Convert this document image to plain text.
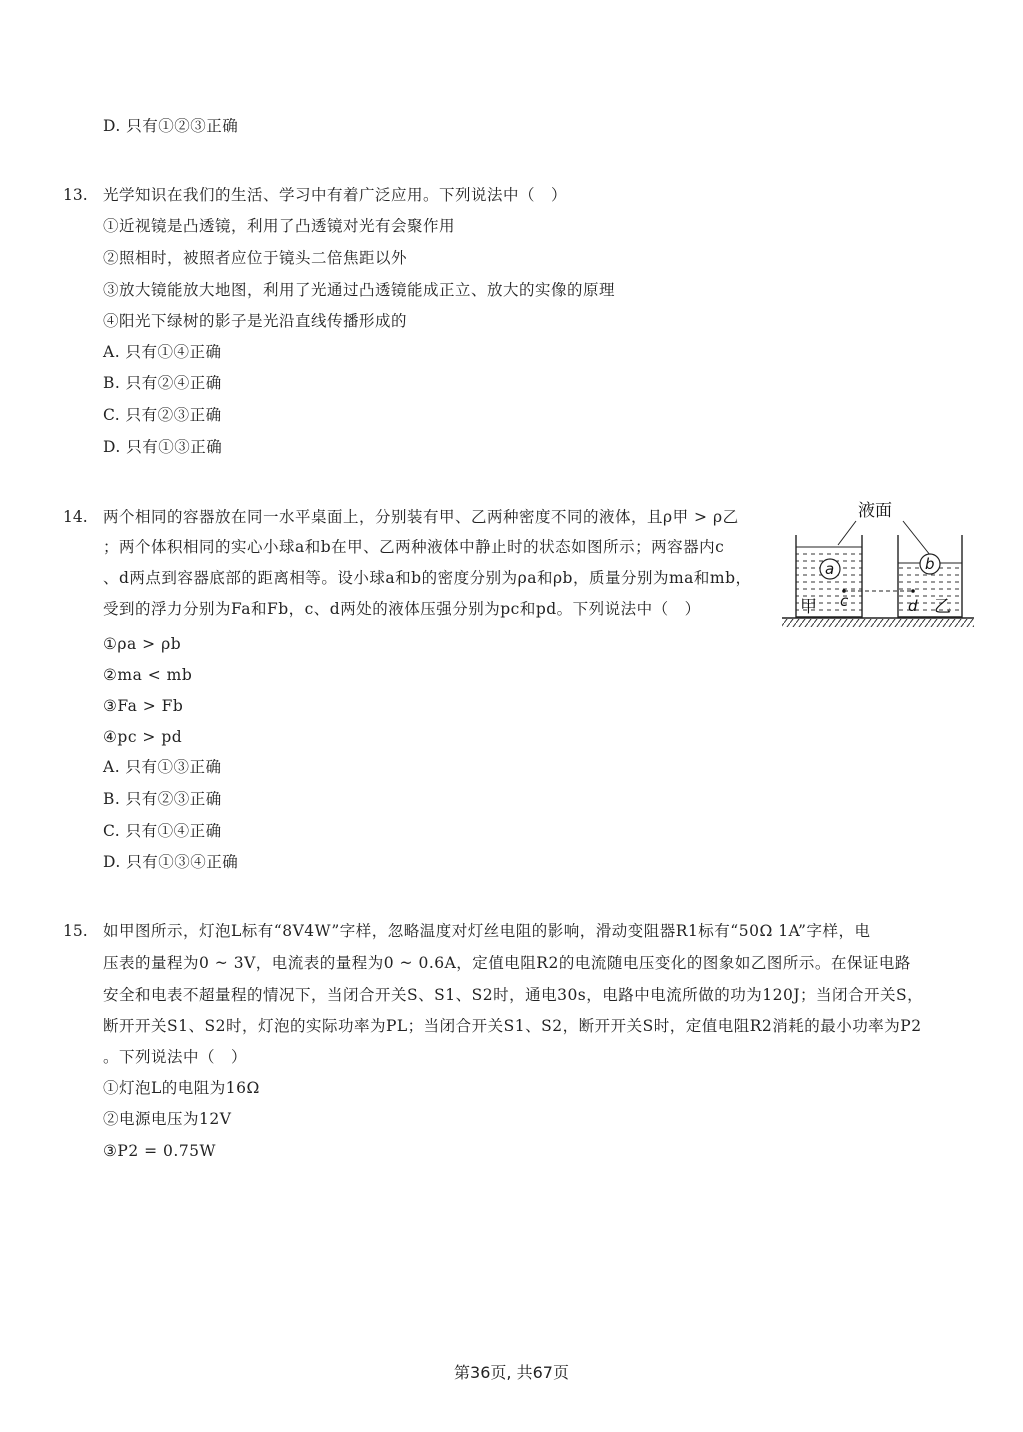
D. 只有①②③正确
13. 光学知识在我们的生活、学习中有着广泛应用。下列说法中（　）
①近视镜是凸透镜，利用了凸透镜对光有会聚作用
②照相时，被照者应位于镜头二倍焦距以外
③放大镜能放大地图，利用了光通过凸透镜能成正立、放大的实像的原理
④阳光下绿树的影子是光沿直线传播形成的
A. 只有①④正确
B. 只有②④正确
C. 只有②③正确
D. 只有①③正确
14. 两个相同的容器放在同一水平桌面上，分别装有甲、乙两种密度不同的液体，且ρ甲 > ρ乙
；两个体积相同的实心小球a和b在甲、乙两种液体中静止时的状态如图所示；两容器内c
、d两点到容器底部的距离相等。设小球a和b的密度分别为ρa和ρb，质量分别为ma和mb，
受到的浮力分别为Fa和Fb，c、d两处的液体压强分别为pc和pd。下列说法中（　）
①ρa > ρb
②ma < mb
③Fa > Fb
④pc > pd
A. 只有①③正确
B. 只有②③正确
C. 只有①④正确
D. 只有①③④正确
液面
a
c
甲
b
d 乙
15. 如甲图所示，灯泡L标有“8V4W”字样，忽略温度对灯丝电阻的影响，滑动变阻器R1标有“50Ω 1A”字样，电
压表的量程为0 ~ 3V，电流表的量程为0 ~ 0.6A，定值电阻R2的电流随电压变化的图象如乙图所示。在保证电路
安全和电表不超量程的情况下，当闭合开关S、S1、S2时，通电30s，电路中电流所做的功为120J；当闭合开关S，
断开开关S1、S2时，灯泡的实际功率为PL；当闭合开关S1、S2，断开开关S时，定值电阻R2消耗的最小功率为P2
。下列说法中（　）
①灯泡L的电阻为16Ω
②电源电压为12V
③P2 = 0.75W
第36页, 共67页
